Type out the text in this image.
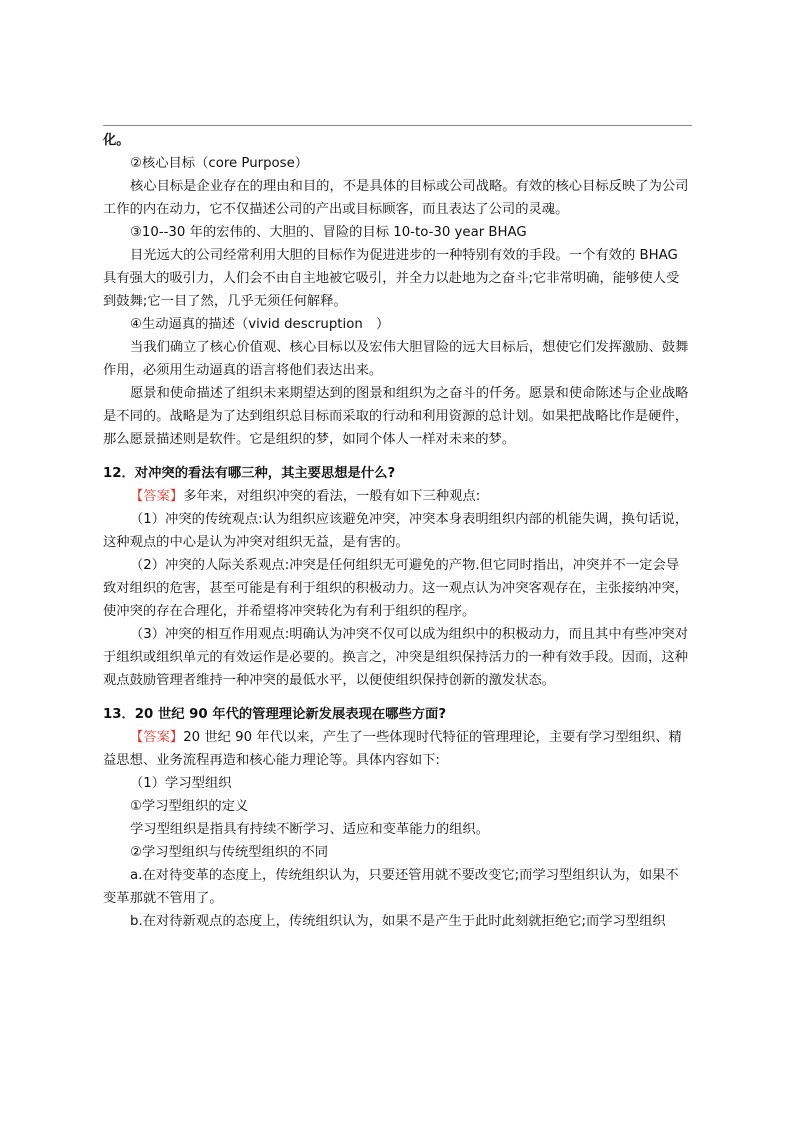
化。

②核心目标（core Purpose）

核心目标是企业存在的理由和目的，不是具体的目标或公司战略。有效的核心目标反映了为公司工作的内在动力，它不仅描述公司的产出或目标顾客，而且表达了公司的灵魂。

③10--30 年的宏伟的、大胆的、冒险的目标 10-to-30 year BHAG

目光远大的公司经常利用大胆的目标作为促进进步的一种特别有效的手段。一个有效的 BHAG 具有强大的吸引力，人们会不由自主地被它吸引，并全力以赴地为之奋斗;它非常明确，能够使人受到鼓舞;它一目了然，几乎无须任何解释。

④生动逼真的描述（vivid descruption　）

当我们确立了核心价值观、核心目标以及宏伟大胆冒险的远大目标后，想使它们发挥激励、鼓舞作用，必须用生动逼真的语言将他们表达出来。

愿景和使命描述了组织未来期望达到的图景和组织为之奋斗的仟务。愿景和使命陈述与企业战略是不同的。战略是为了达到组织总目标而采取的行动和利用资源的总计划。如果把战略比作是硬件，那么愿景描述则是软件。它是组织的梦，如同个体人一样对未来的梦。

12．对冲突的看法有哪三种，其主要思想是什么?

【答案】多年来，对组织冲突的看法，一般有如下三种观点:

（1）冲突的传统观点:认为组织应该避免冲突，冲突本身表明组织内部的机能失调，换句话说，这种观点的中心是认为冲突对组织无益，是有害的。

（2）冲突的人际关系观点:冲突是任何组织无可避免的产物.但它同时指出，冲突并不一定会导致对组织的危害，甚至可能是有利于组织的积极动力。这一观点认为冲突客观存在，主张接纳冲突，使冲突的存在合理化，并希望将冲突转化为有利于组织的程序。

（3）冲突的相互作用观点:明确认为冲突不仅可以成为组织中的积极动力，而且其中有些冲突对于组织或组织单元的有效运作是必要的。换言之，冲突是组织保持活力的一种有效手段。因而，这种观点鼓励管理者维持一种冲突的最低水平，以便使组织保持创新的激发状态。

13．20 世纪 90 年代的管理理论新发展表现在哪些方面?

【答案】20 世纪 90 年代以来，产生了一些体现时代特征的管理理论，主要有学习型组织、精益思想、业务流程再造和核心能力理论等。具体内容如下:

（1）学习型组织

①学习型组织的定义

学习型组织是指具有持续不断学习、适应和变革能力的组织。

②学习型组织与传统型组织的不同

a.在对待变革的态度上，传统组织认为，只要还管用就不要改变它;而学习型组织认为，如果不变革那就不管用了。

b.在对待新观点的态度上，传统组织认为，如果不是产生于此时此刻就拒绝它;而学习型组织
